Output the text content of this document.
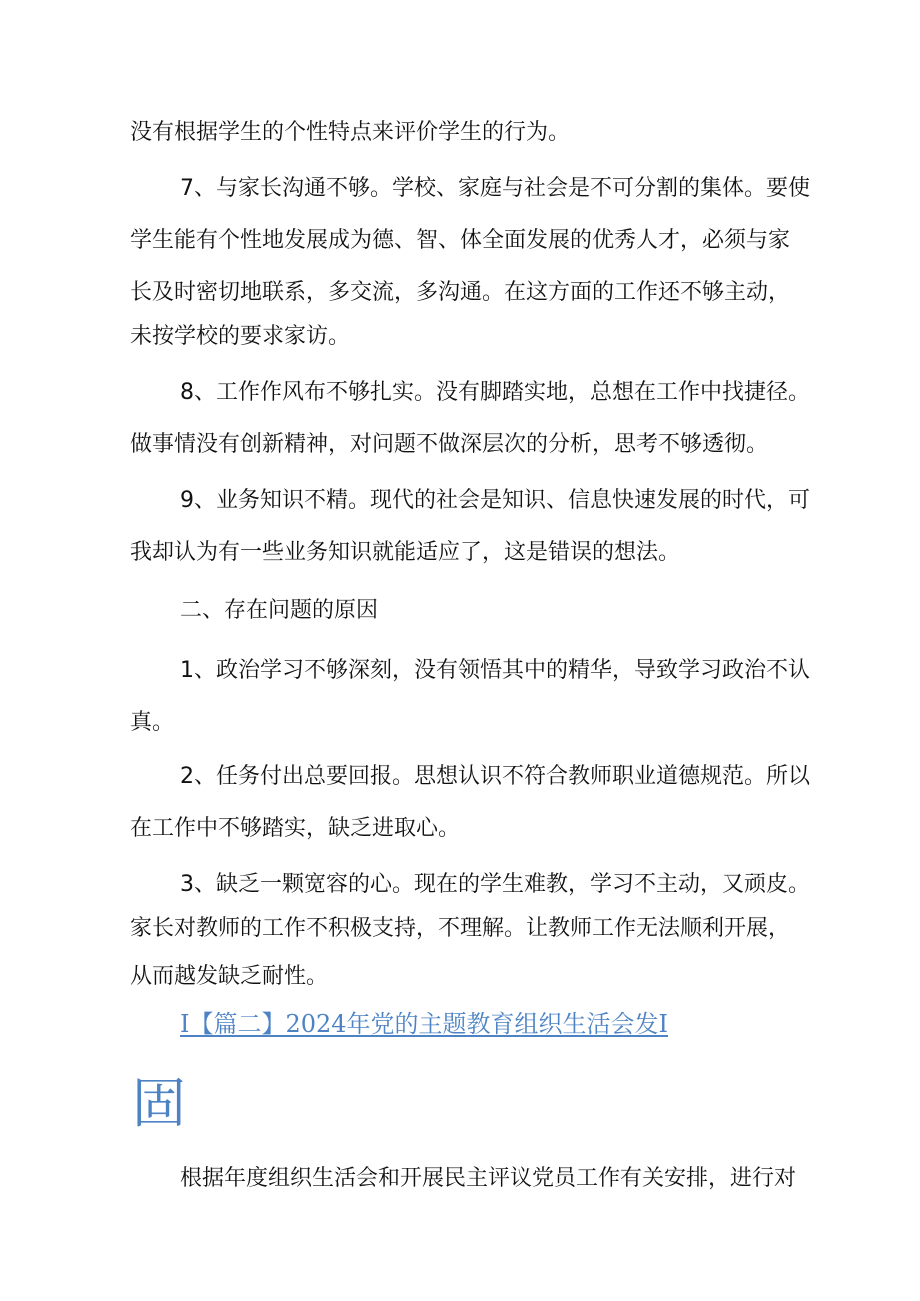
没有根据学生的个性特点来评价学生的行为。

7、与家长沟通不够。学校、家庭与社会是不可分割的集体。要使

学生能有个性地发展成为德、智、体全面发展的优秀人才，必须与家

长及时密切地联系，多交流，多沟通。在这方面的工作还不够主动，

未按学校的要求家访。

8、工作作风布不够扎实。没有脚踏实地，总想在工作中找捷径。

做事情没有创新精神，对问题不做深层次的分析，思考不够透彻。

9、业务知识不精。现代的社会是知识、信息快速发展的时代，可

我却认为有一些业务知识就能适应了，这是错误的想法。

二、存在问题的原因

1、政治学习不够深刻，没有领悟其中的精华，导致学习政治不认

真。

2、任务付出总要回报。思想认识不符合教师职业道德规范。所以

在工作中不够踏实，缺乏进取心。

3、缺乏一颗宽容的心。现在的学生难教，学习不主动，又顽皮。

家长对教师的工作不积极支持，不理解。让教师工作无法顺利开展，

从而越发缺乏耐性。

I【篇二】2024年党的主题教育组织生活会发I
固

根据年度组织生活会和开展民主评议党员工作有关安排，进行对
